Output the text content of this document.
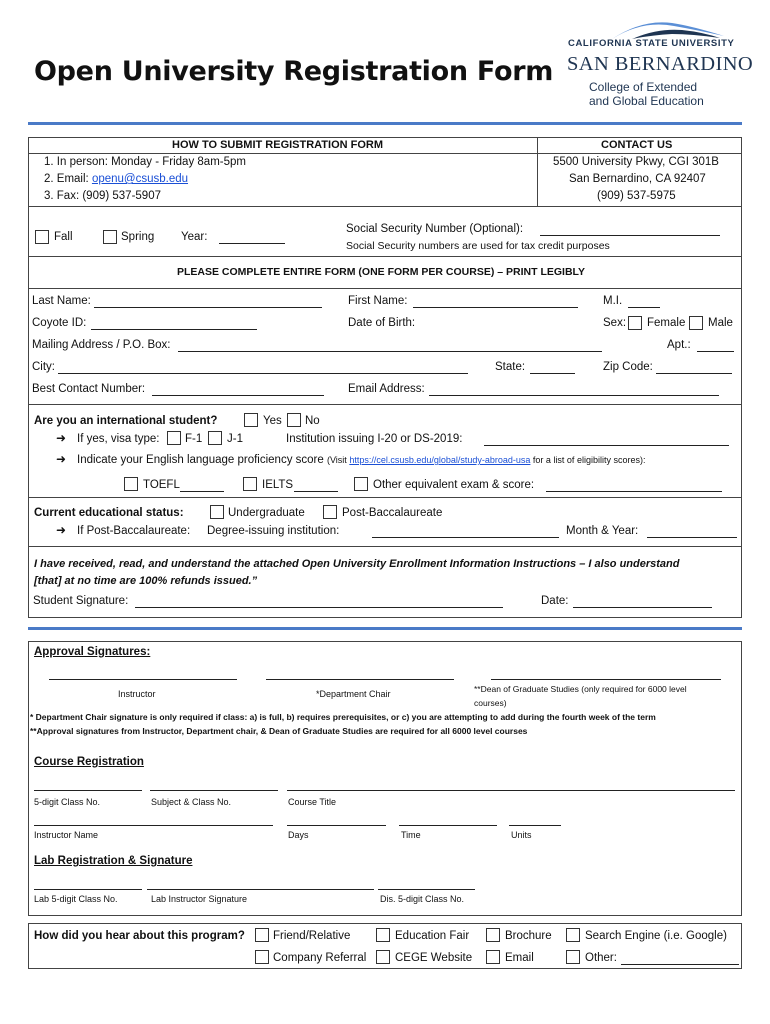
Open University Registration Form
CALIFORNIA STATE UNIVERSITY
SAN BERNARDINO
College of Extended
and Global Education
HOW TO SUBMIT REGISTRATION FORM
1. In person: Monday - Friday 8am-5pm
2. Email: openu@csusb.edu
3. Fax: (909) 537-5907
CONTACT US
5500 University Pkwy, CGI 301B
San Bernardino, CA 92407
(909) 537-5975
Fall	Spring Year:
Social Security Number (Optional):
Social Security numbers are used for tax credit purposes
PLEASE COMPLETE ENTIRE FORM (ONE FORM PER COURSE) – PRINT LEGIBLY
Last Name:	First Name:	M.I.
Coyote ID:	Date of Birth:	Sex: Female Male
Mailing Address / P.O. Box:	Apt.:
City:	State:	Zip Code:
Best Contact Number:	Email Address:
Are you an international student?	Yes No
➜ If yes, visa type: F-1 J-1	Institution issuing I-20 or DS-2019:
➜ Indicate your English language proficiency score (Visit https://cel.csusb.edu/global/study-abroad-usa for a list of eligibility scores):
TOEFL	IELTS	Other equivalent exam & score:
Current educational status:	Undergraduate	Post-Baccalaureate
➜ If Post-Baccalaureate: Degree-issuing institution:	Month & Year:
I have received, read, and understand the attached Open University Enrollment Information Instructions – I also understand
[that] at no time are 100% refunds issued.”
Student Signature:	Date:
Approval Signatures:
Instructor	*Department Chair	**Dean of Graduate Studies (only required for 6000 level
courses)
* Department Chair signature is only required if class: a) is full, b) requires prerequisites, or c) you are attempting to add during the fourth week of the term
**Approval signatures from Instructor, Department chair, & Dean of Graduate Studies are required for all 6000 level courses
Course Registration
5-digit Class No.	Subject & Class No.	Course Title
Instructor Name	Days	Time	Units
Lab Registration & Signature
Lab 5-digit Class No.	Lab Instructor Signature	Dis. 5-digit Class No.
How did you hear about this program? Friend/Relative	Education Fair	Brochure	Search Engine (i.e. Google)
Company Referral CEGE Website	Email	Other:
